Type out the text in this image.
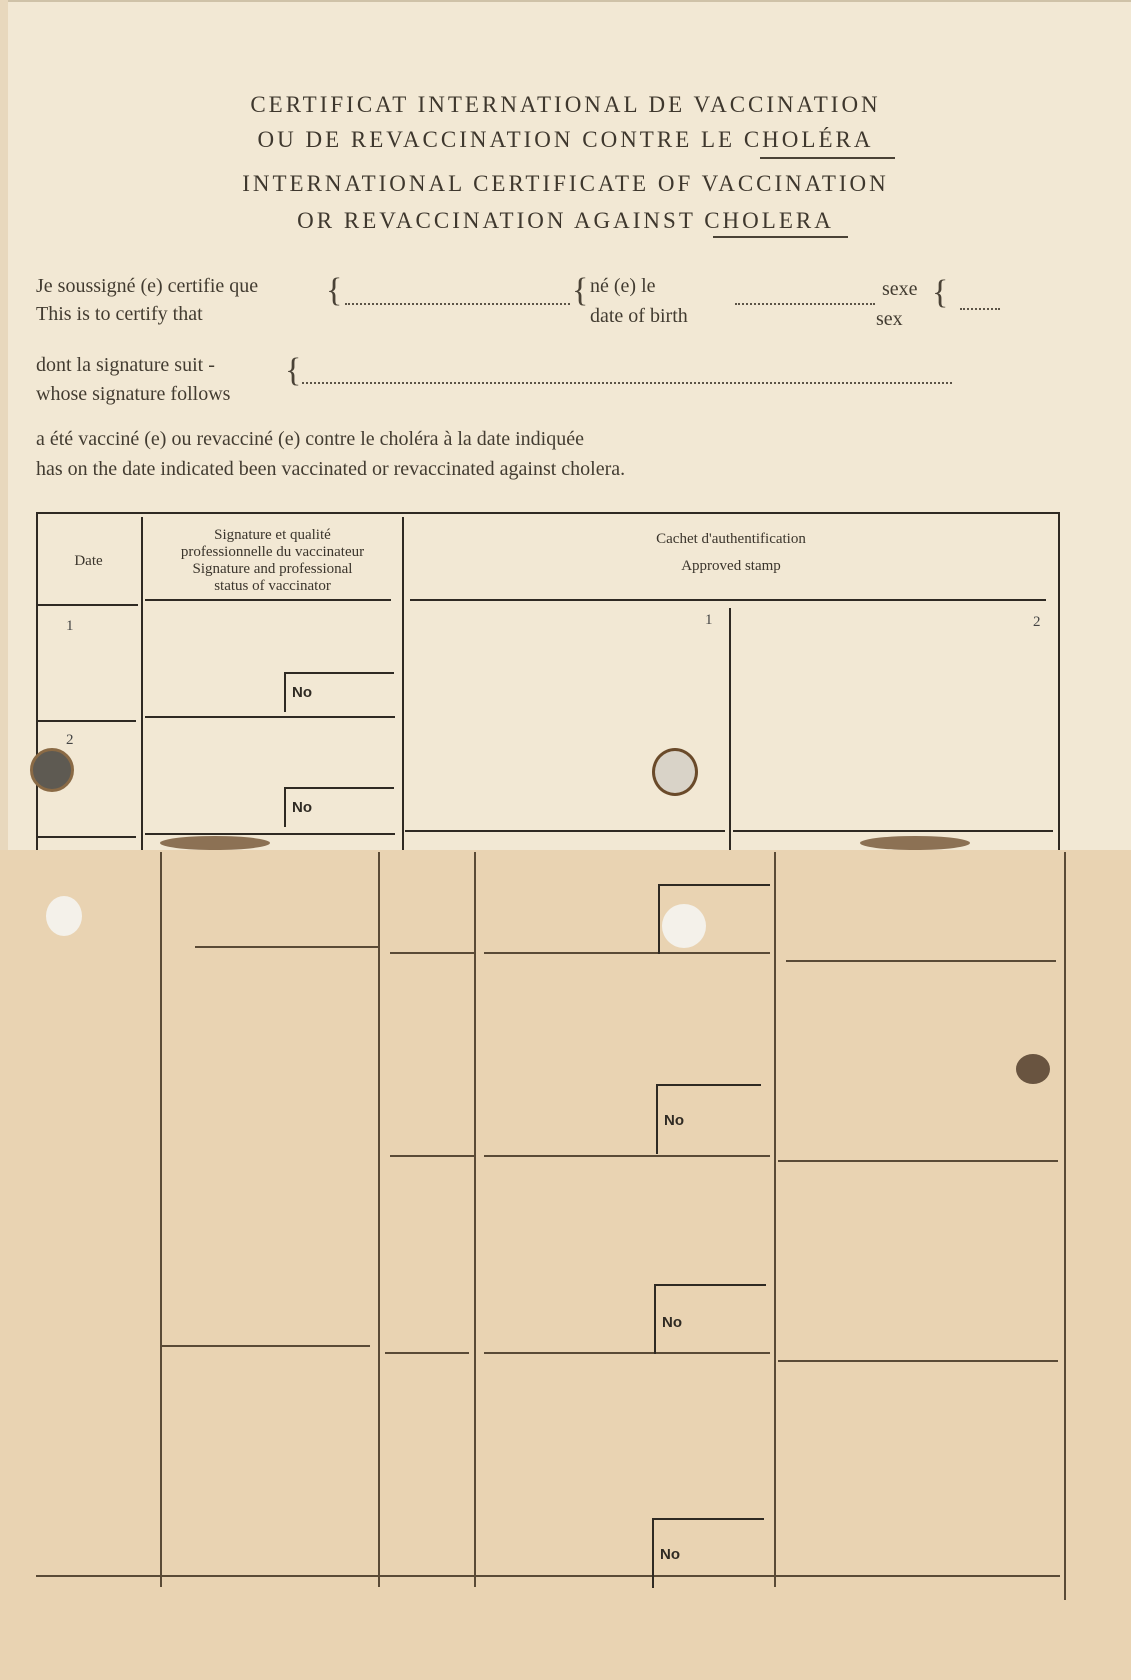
CERTIFICAT INTERNATIONAL DE VACCINATION
OU DE REVACCINATION CONTRE LE CHOLÉRA
INTERNATIONAL CERTIFICATE OF VACCINATION
OR REVACCINATION AGAINST CHOLERA
Je soussigné (e) certifie que
This is to certify that
{	{ né (e) le
date of birth
sexe
sex
{
dont la signature suit -
whose signature follows
{
a été vacciné (e) ou revacciné (e) contre le choléra à la date indiquée
has on the date indicated been vaccinated or revaccinated against cholera.
Date
Signature et qualité
professionnelle du vaccinateur
Signature and professional
status of vaccinator
Cachet d'authentification
Approved stamp
1
2
1	2
No
No
No
No
No
